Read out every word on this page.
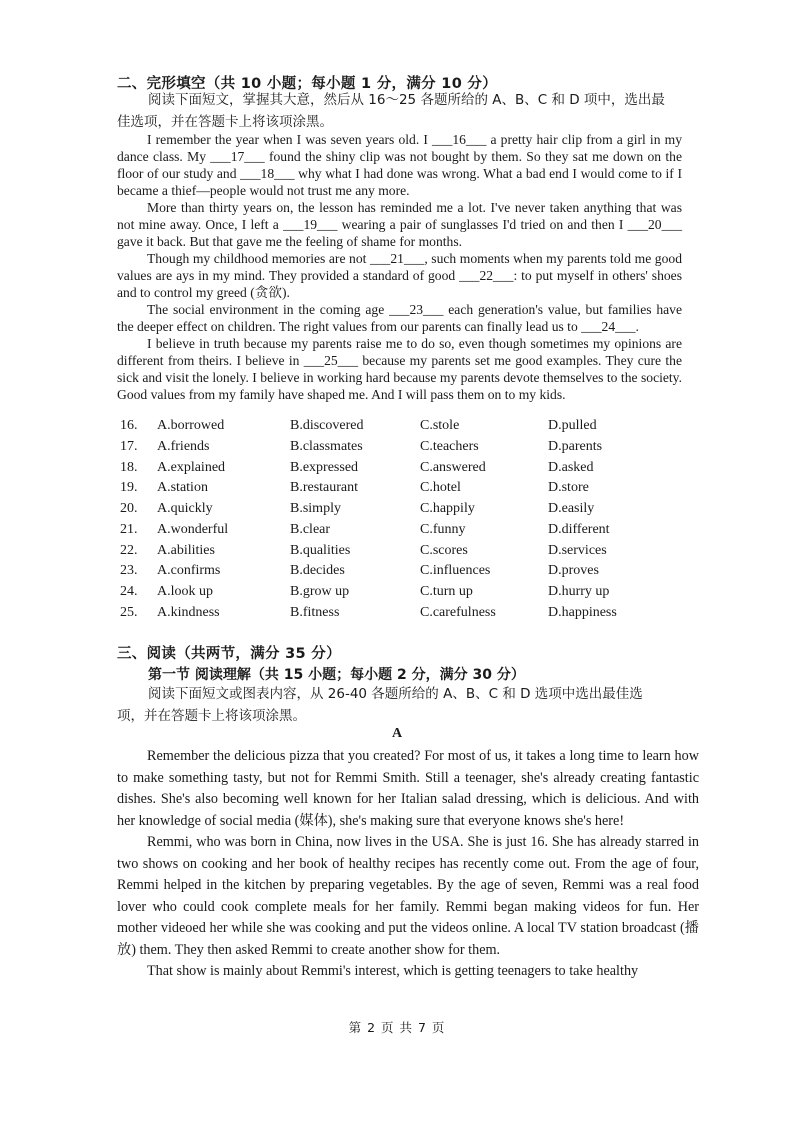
二、完形填空（共 10 小题；每小题 1 分，满分 10 分）
阅读下面短文，掌握其大意，然后从 16～25 各题所给的 A、B、C 和 D 项中，选出最
佳选项，并在答题卡上将该项涂黑。

I remember the year when I was seven years old. I ___16___ a pretty hair clip from a girl in my dance class. My ___17___ found the shiny clip was not bought by them. So they sat me down on the floor of our study and ___18___ why what I had done was wrong. What a bad end I would come to if I became a thief—people would not trust me any more.

More than thirty years on, the lesson has reminded me a lot. I've never taken anything that was not mine away. Once, I left a ___19___ wearing a pair of sunglasses I'd tried on and then I ___20___ gave it back. But that gave me the feeling of shame for months.

Though my childhood memories are not ___21___, such moments when my parents told me good values are ays in my mind. They provided a standard of good ___22___: to put myself in others' shoes and to control my greed (贪欲).

The social environment in the coming age ___23___ each generation's value, but families have the deeper effect on children. The right values from our parents can finally lead us to ___24___.

I believe in truth because my parents raise me to do so, even though sometimes my opinions are different from theirs. I believe in ___25___ because my parents set me good examples. They cure the sick and visit the lonely. I believe in working hard because my parents devote themselves to the society. Good values from my family have shaped me. And I will pass them on to my kids.

16. A.borrowed	B.discovered	C.stole	D.pulled
17. A.friends	B.classmates	C.teachers	D.parents
18. A.explained	B.expressed	C.answered	D.asked
19. A.station	B.restaurant	C.hotel	D.store
20. A.quickly	B.simply	C.happily	D.easily
21. A.wonderful	B.clear	C.funny	D.different
22. A.abilities	B.qualities	C.scores	D.services
23. A.confirms	B.decides	C.influences	D.proves
24. A.look up	B.grow up	C.turn up	D.hurry up
25. A.kindness	B.fitness	C.carefulness	D.happiness
三、阅读（共两节，满分 35 分）
第一节 阅读理解（共 15 小题；每小题 2 分，满分 30 分）
阅读下面短文或图表内容，从 26-40 各题所给的 A、B、C 和 D 选项中选出最佳选
项，并在答题卡上将该项涂黑。
A

Remember the delicious pizza that you created? For most of us, it takes a long time to learn how to make something tasty, but not for Remmi Smith. Still a teenager, she's already creating fantastic dishes. She's also becoming well known for her Italian salad dressing, which is delicious. And with her knowledge of social media (媒体), she's making sure that everyone knows she's here!

Remmi, who was born in China, now lives in the USA. She is just 16. She has already starred in two shows on cooking and her book of healthy recipes has recently come out. From the age of four, Remmi helped in the kitchen by preparing vegetables. By the age of seven, Remmi was a real food lover who could cook complete meals for her family. Remmi began making videos for fun. Her mother videoed her while she was cooking and put the videos online. A local TV station broadcast (播放) them. They then asked Remmi to create another show for them.

That show is mainly about Remmi's interest, which is getting teenagers to take healthy

第 2 页 共 7 页
